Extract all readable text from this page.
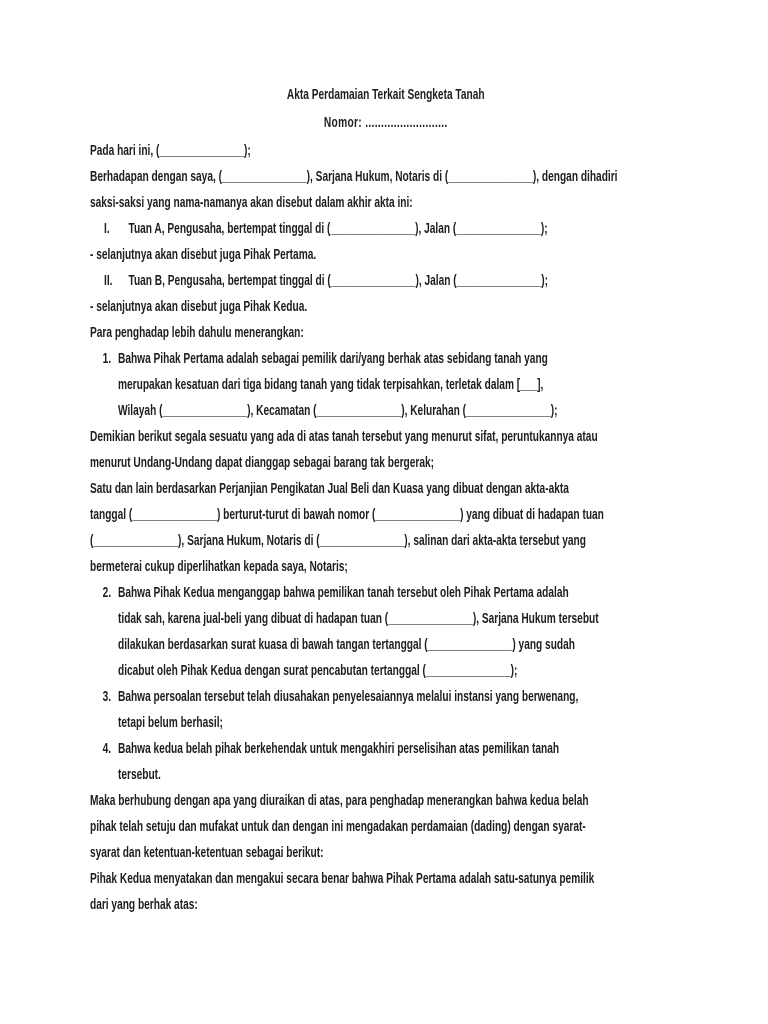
Akta Perdamaian Terkait Sengketa Tanah
Nomor: ..........................
Pada hari ini, (_______________);
Berhadapan dengan saya, (_______________), Sarjana Hukum, Notaris di (_______________), dengan dihadiri
saksi-saksi yang nama-namanya akan disebut dalam akhir akta ini:
I. Tuan A, Pengusaha, bertempat tinggal di (_______________), Jalan (_______________);
- selanjutnya akan disebut juga Pihak Pertama.
II. Tuan B, Pengusaha, bertempat tinggal di (_______________), Jalan (_______________);
- selanjutnya akan disebut juga Pihak Kedua.
Para penghadap lebih dahulu menerangkan:
1. Bahwa Pihak Pertama adalah sebagai pemilik dari/yang berhak atas sebidang tanah yang
merupakan kesatuan dari tiga bidang tanah yang tidak terpisahkan, terletak dalam [___],
Wilayah (_______________), Kecamatan (_______________), Kelurahan (_______________);
Demikian berikut segala sesuatu yang ada di atas tanah tersebut yang menurut sifat, peruntukannya atau
menurut Undang-Undang dapat dianggap sebagai barang tak bergerak;
Satu dan lain berdasarkan Perjanjian Pengikatan Jual Beli dan Kuasa yang dibuat dengan akta-akta
tanggal (_______________) berturut-turut di bawah nomor (_______________) yang dibuat di hadapan tuan
(_______________), Sarjana Hukum, Notaris di (_______________), salinan dari akta-akta tersebut yang
bermeterai cukup diperlihatkan kepada saya, Notaris;
2. Bahwa Pihak Kedua menganggap bahwa pemilikan tanah tersebut oleh Pihak Pertama adalah
tidak sah, karena jual-beli yang dibuat di hadapan tuan (_______________), Sarjana Hukum tersebut
dilakukan berdasarkan surat kuasa di bawah tangan tertanggal (_______________) yang sudah
dicabut oleh Pihak Kedua dengan surat pencabutan tertanggal (_______________);
3. Bahwa persoalan tersebut telah diusahakan penyelesaiannya melalui instansi yang berwenang,
tetapi belum berhasil;
4. Bahwa kedua belah pihak berkehendak untuk mengakhiri perselisihan atas pemilikan tanah
tersebut.
Maka berhubung dengan apa yang diuraikan di atas, para penghadap menerangkan bahwa kedua belah
pihak telah setuju dan mufakat untuk dan dengan ini mengadakan perdamaian (dading) dengan syarat-
syarat dan ketentuan-ketentuan sebagai berikut:
Pihak Kedua menyatakan dan mengakui secara benar bahwa Pihak Pertama adalah satu-satunya pemilik
dari yang berhak atas:
